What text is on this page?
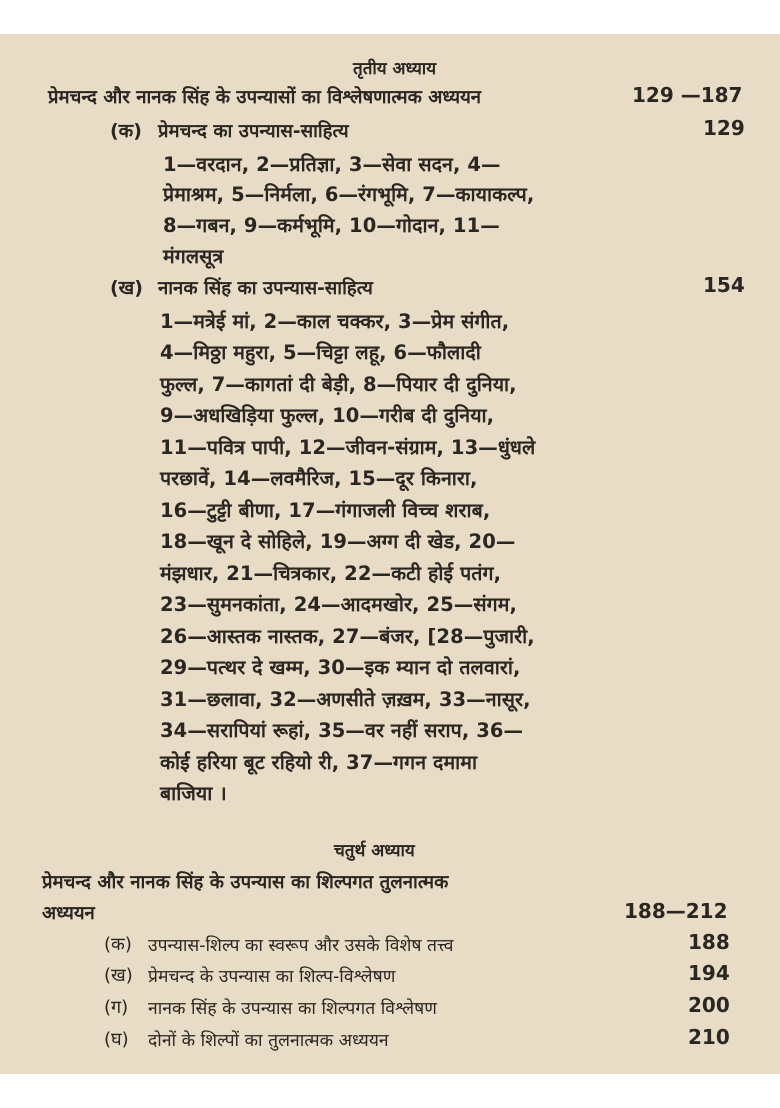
तृतीय अध्याय
प्रेमचन्द और नानक सिंह के उपन्यासों का विश्लेषणात्मक अध्ययन	129 —187
(क) प्रेमचन्द का उपन्यास-साहित्य	129
1—वरदान, 2—प्रतिज्ञा, 3—सेवा सदन, 4—
प्रेमाश्रम, 5—निर्मला, 6—रंगभूमि, 7—कायाकल्प,
8—गबन, 9—कर्मभूमि, 10—गोदान, 11—
मंगलसूत्र
(ख) नानक सिंह का उपन्यास-साहित्य	154
1—मत्रेई मां, 2—काल चक्कर, 3—प्रेम संगीत,
4—मिठ्ठा महुरा, 5—चिट्टा लहू, 6—फौलादी
फुल्ल, 7—कागतां दी बेड़ी, 8—पियार दी दुनिया,
9—अधखिड़िया फुल्ल, 10—गरीब दी दुनिया,
11—पवित्र पापी, 12—जीवन-संग्राम, 13—धुंधले
परछावें, 14—लवमैरिज, 15—दूर किनारा,
16—टुट्टी बीणा, 17—गंगाजली विच्च शराब,
18—खून दे सोहिले, 19—अग्ग दी खेड, 20—
मंझधार, 21—चित्रकार, 22—कटी होई पतंग,
23—सुमनकांता, 24—आदमखोर, 25—संगम,
26—आस्तक नास्तक, 27—बंजर, [28—पुजारी,
29—पत्थर दे खम्म, 30—इक म्यान दो तलवारां,
31—छलावा, 32—अणसीते ज़ख़म, 33—नासूर,
34—सरापियां रूहां, 35—वर नहीं सराप, 36—
कोई हरिया बूट रहियो री, 37—गगन दमामा
बाजिया ।
चतुर्थ अध्याय
प्रेमचन्द और नानक सिंह के उपन्यास का शिल्पगत तुलनात्मक
अध्ययन	188—212
(क) उपन्यास-शिल्प का स्वरूप और उसके विशेष तत्त्व	188
(ख) प्रेमचन्द के उपन्यास का शिल्प-विश्लेषण	194
(ग) नानक सिंह के उपन्यास का शिल्पगत विश्लेषण	200
(घ) दोनों के शिल्पों का तुलनात्मक अध्ययन	210
